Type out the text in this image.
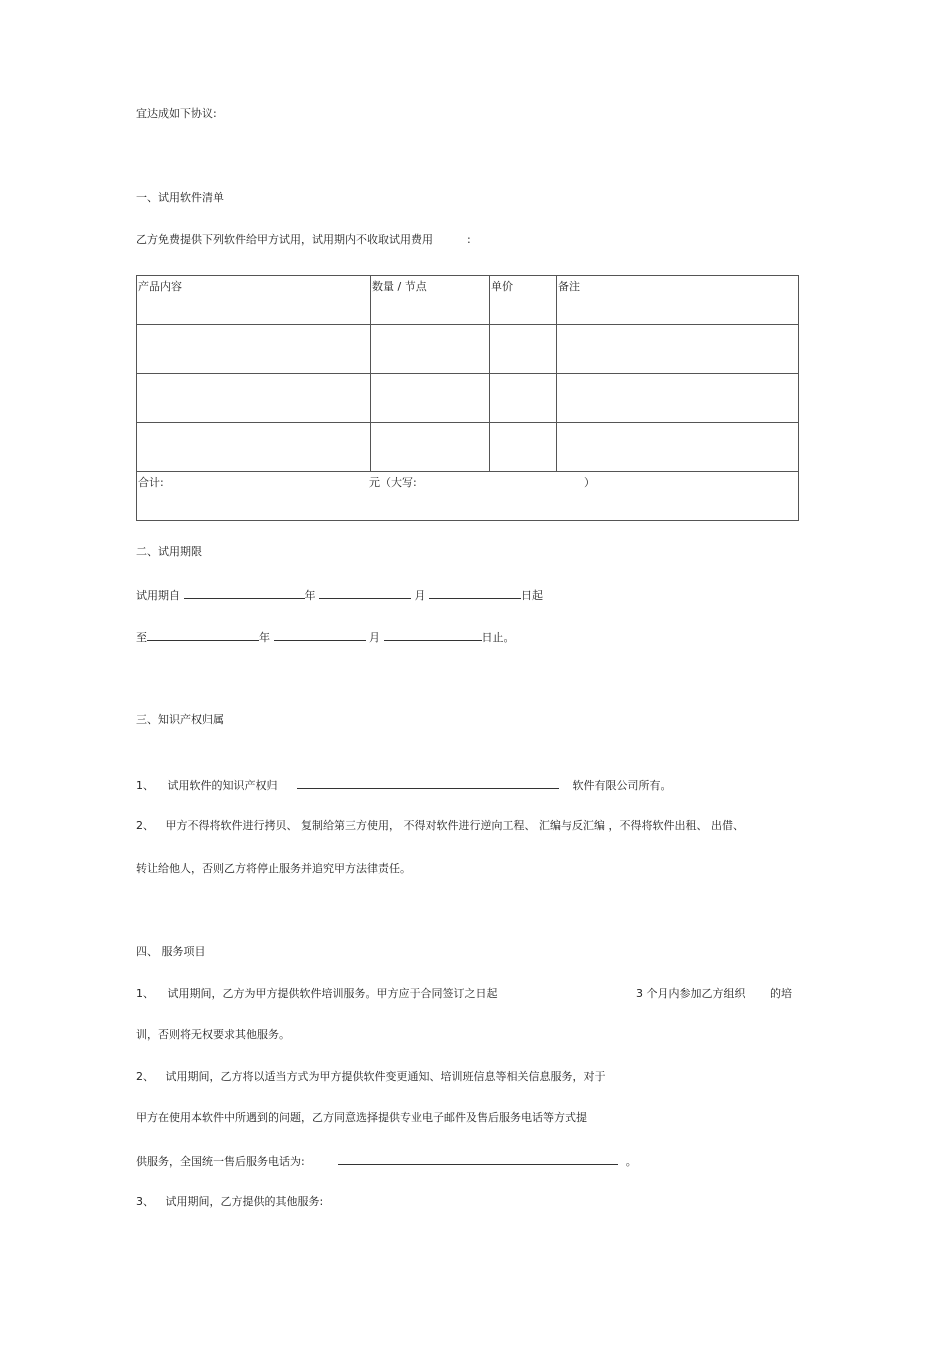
宜达成如下协议:
一、试用软件清单
乙方免费提供下列软件给甲方试用，试用期内不收取试用费用	:
产品内容	数量 / 节点	单价	备注

合计: 元（大写: ）			
二、试用期限
试用期自	年	月	日起
至	年	月	日止。
三、知识产权归属
1、 试用软件的知识产权归	软件有限公司所有。
2、 甲方不得将软件进行拷贝、 复制给第三方使用， 不得对软件进行逆向工程、 汇编与反汇编 ，不得将软件出租、 出借、
转让给他人，否则乙方将停止服务并追究甲方法律责任。
四、 服务项目
1、 试用期间，乙方为甲方提供软件培训服务。甲方应于合同签订之日起	3 个月内参加乙方组织 的培
训，否则将无权要求其他服务。
2、 试用期间，乙方将以适当方式为甲方提供软件变更通知、培训班信息等相关信息服务，对于
甲方在使用本软件中所遇到的问题，乙方同意选择提供专业电子邮件及售后服务电话等方式提
供服务，全国统一售后服务电话为:	。
3、 试用期间，乙方提供的其他服务:
